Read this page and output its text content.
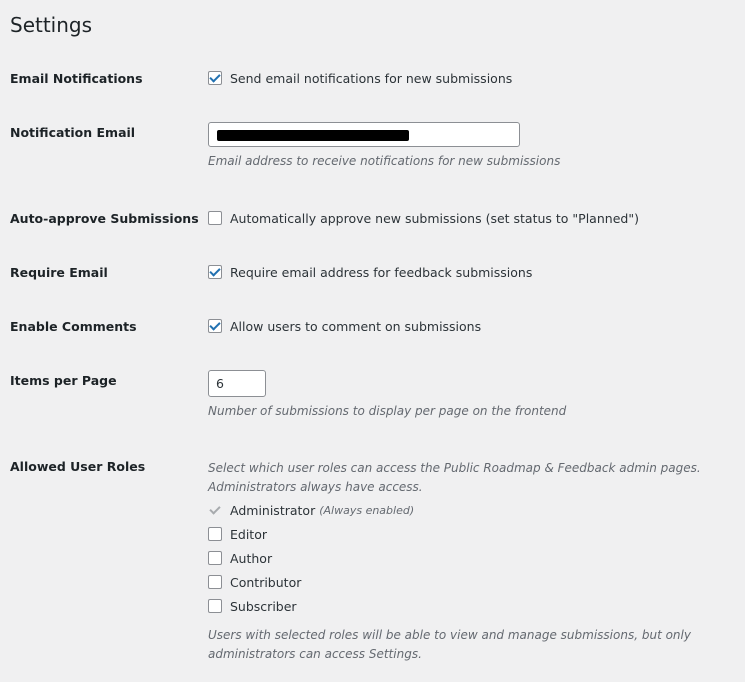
Settings
Email Notifications	Send email notifications for new submissions
Notification Email
Email address to receive notifications for new submissions
Auto-approve Submissions	Automatically approve new submissions (set status to "Planned")
Require Email	Require email address for feedback submissions
Enable Comments	Allow users to comment on submissions
Items per Page	6
Number of submissions to display per page on the frontend
Allowed User Roles	Select which user roles can access the Public Roadmap & Feedback admin pages.
Administrators always have access.
Administrator (Always enabled)
Editor
Author
Contributor
Subscriber
Users with selected roles will be able to view and manage submissions, but only
administrators can access Settings.
